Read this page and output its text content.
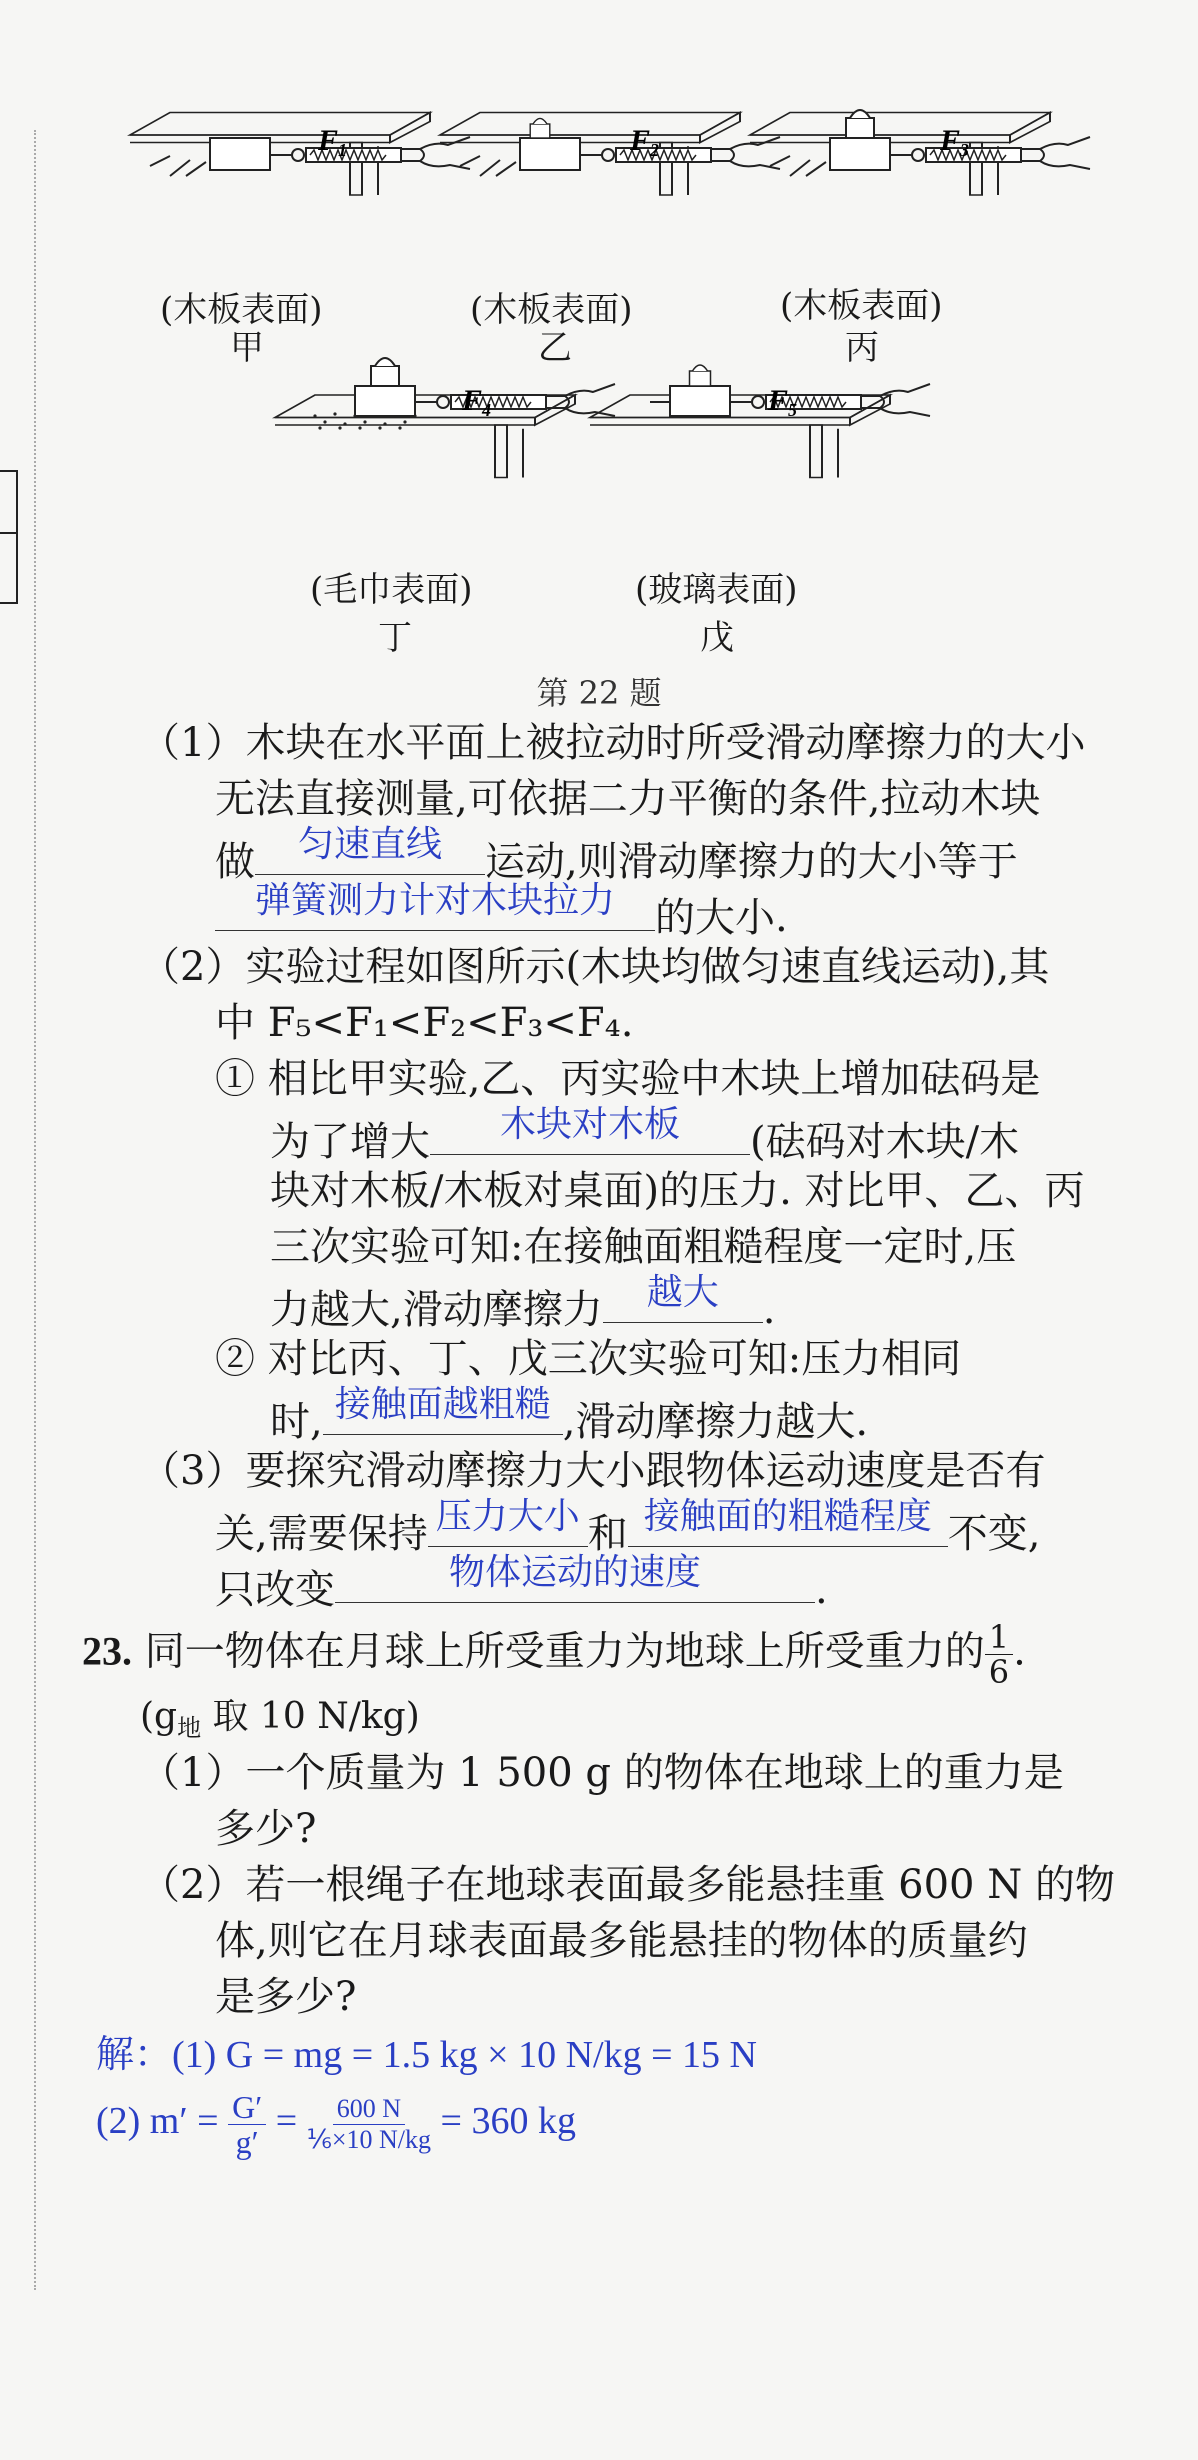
$F_1$	$F_2$	$F_3$
$F_4$	$F_5$
(木板表面)
甲
(木板表面)
乙
(木板表面)
丙
(毛巾表面)
丁
(玻璃表面)
戊
第 22 题
（1）木块在水平面上被拉动时所受滑动摩擦力的大小
无法直接测量,可依据二力平衡的条件,拉动木块
做	匀速直线	运动,则滑动摩擦力的大小等于
弹簧测力计对木块拉力	的大小.
（2）实验过程如图所示(木块均做匀速直线运动),其
中 F₅<F₁<F₂<F₃<F₄.
① 相比甲实验,乙、丙实验中木块上增加砝码是
为了增大	木块对木板	(砝码对木块/木
块对木板/木板对桌面)的压力. 对比甲、乙、丙
三次实验可知:在接触面粗糙程度一定时,压
力越大,滑动摩擦力	越大	.
② 对比丙、丁、戊三次实验可知:压力相同
时, 接触面越粗糙 ,滑动摩擦力越大.
（3）要探究滑动摩擦力大小跟物体运动速度是否有
关,需要保持 压力大小 和 接触面的粗糙程度 不变,
只改变	物体运动的速度	.
23. 同一物体在月球上所受重力为地球上所受重力的 $\frac{1}{6}$ .
($g_地$ 取 10 N/kg)
（1）一个质量为 1 500 g 的物体在地球上的重力是
多少?
（2）若一根绳子在地球表面最多能悬挂重 600 N 的物
体,则它在月球表面最多能悬挂的物体的质量约
是多少?
解：(1) G = mg = 1.5 kg × 10 N/kg = 15 N
(2) $m' = \frac{G'}{g'} = \frac{600 N}{\text{⅙×10 N/kg}} = 360$ kg
